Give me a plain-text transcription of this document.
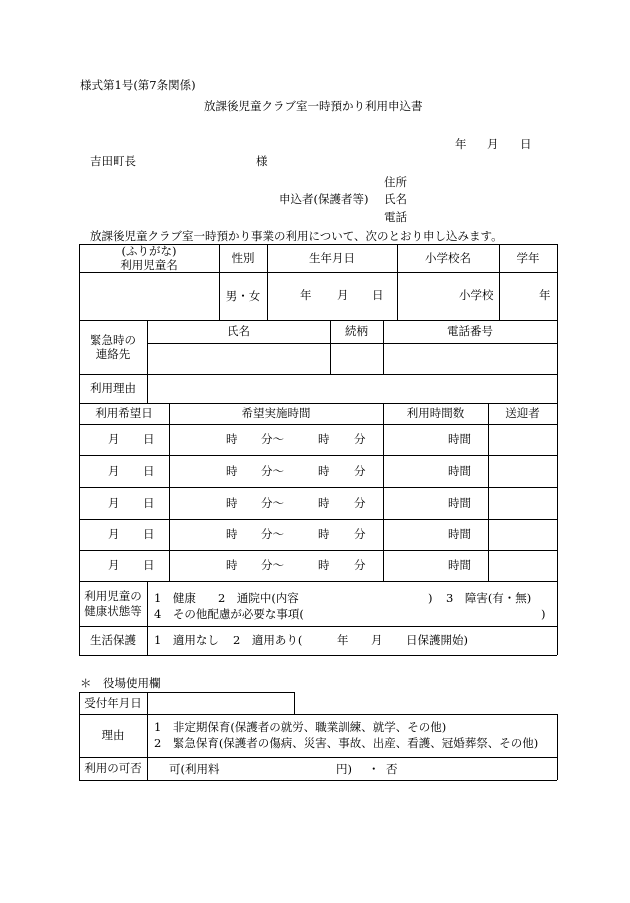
様式第1号(第7条関係)
放課後児童クラブ室一時預かり利用申込書
年 月 日
吉田町長	様
住所
申込者(保護者等) 氏名
電話
放課後児童クラブ室一時預かり事業の利用について、次のとおり申し込みます。
(ふりがな)
利用児童名
性別	生年月日	小学校名	学年
男・女	年 月 日	小学校	年
緊急時の
連絡先
氏名	続柄	電話番号
利用理由
利用希望日	希望実施時間	利用時間数	送迎者
月 日	時 分～	時 分	時間
月 日	時 分～	時 分	時間
月 日	時 分～	時 分	時間
月 日	時 分～	時 分	時間
月 日	時 分～	時 分	時間
利用児童の
健康状態等
1　健康 2　通院中(内容	) 3　障害(有・無)
4　その他配慮が必要な事項(	)
生活保護	1　適用なし 2　適用あり(	年 月 日保護開始)
＊　役場使用欄
受付年月日
理由
1　非定期保育(保護者の就労、職業訓練、就学、その他)
2　緊急保育(保護者の傷病、災害、事故、出産、看護、冠婚葬祭、その他)
利用の可否	可(利用料	円) ・ 否
